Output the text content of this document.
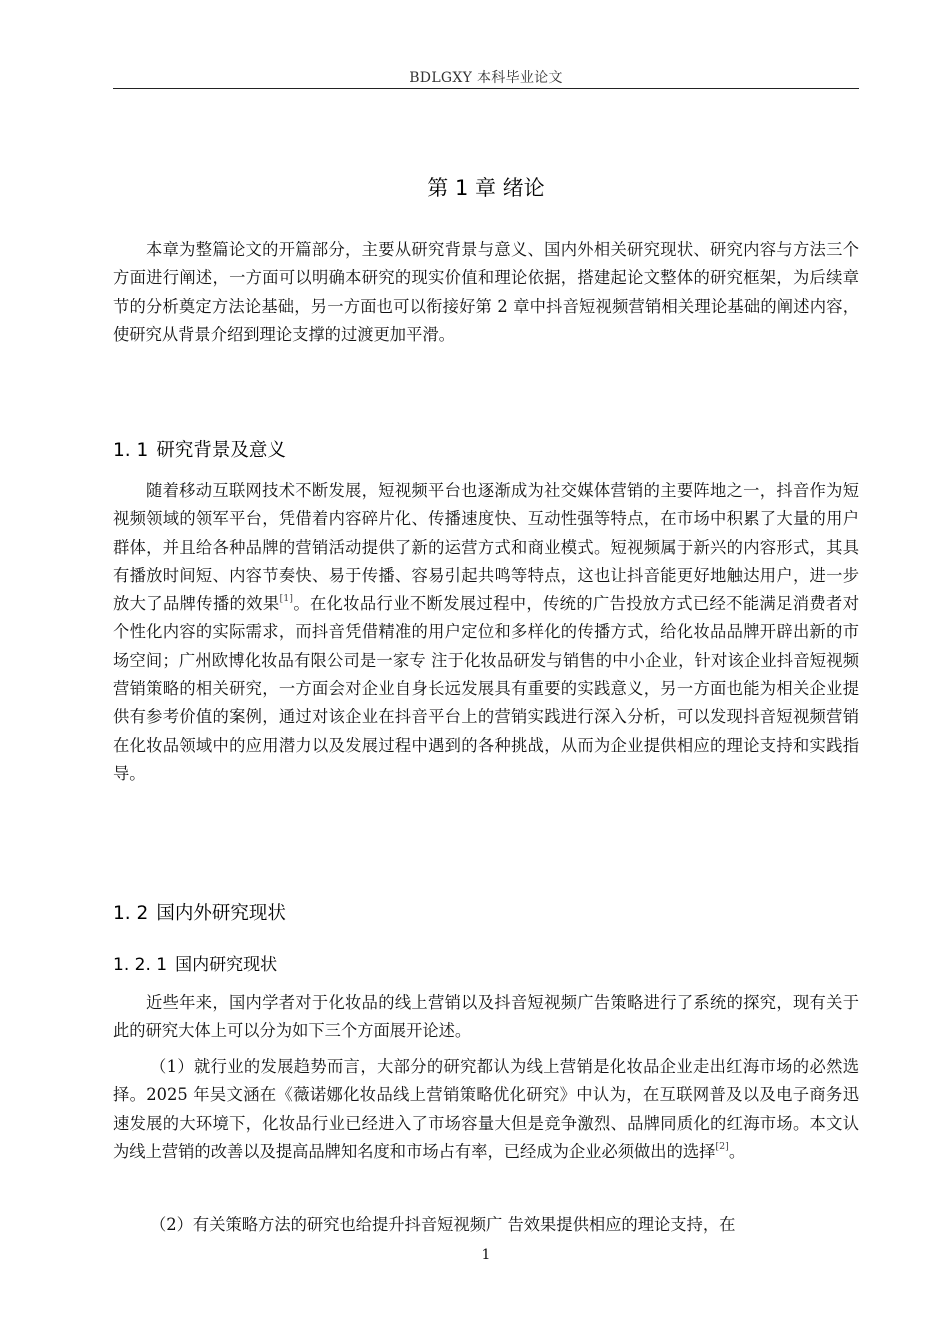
BDLGXY 本科毕业论文
第 1 章 绪论

本章为整篇论文的开篇部分，主要从研究背景与意义、国内外相关研究现状、研究内容与方法三个方面进行阐述，一方面可以明确本研究的现实价值和理论依据，搭建起论文整体的研究框架，为后续章节的分析奠定方法论基础，另一方面也可以衔接好第 2 章中抖音短视频营销相关理论基础的阐述内容，使研究从背景介绍到理论支撑的过渡更加平滑。

1. 1 研究背景及意义

随着移动互联网技术不断发展，短视频平台也逐渐成为社交媒体营销的主要阵地之一，抖音作为短视频领域的领军平台，凭借着内容碎片化、传播速度快、互动性强等特点，在市场中积累了大量的用户群体，并且给各种品牌的营销活动提供了新的运营方式和商业模式。短视频属于新兴的内容形式，其具有播放时间短、内容节奏快、易于传播、容易引起共鸣等特点，这也让抖音能更好地触达用户，进一步放大了品牌传播的效果[1]。在化妆品行业不断发展过程中，传统的广告投放方式已经不能满足消费者对个性化内容的实际需求，而抖音凭借精准的用户定位和多样化的传播方式，给化妆品品牌开辟出新的市场空间；广州欧博化妆品有限公司是一家专 注于化妆品研发与销售的中小企业，针对该企业抖音短视频营销策略的相关研究，一方面会对企业自身长远发展具有重要的实践意义，另一方面也能为相关企业提供有参考价值的案例，通过对该企业在抖音平台上的营销实践进行深入分析，可以发现抖音短视频营销在化妆品领域中的应用潜力以及发展过程中遇到的各种挑战，从而为企业提供相应的理论支持和实践指导。

1. 2 国内外研究现状
1. 2. 1 国内研究现状

近些年来，国内学者对于化妆品的线上营销以及抖音短视频广告策略进行了系统的探究，现有关于此的研究大体上可以分为如下三个方面展开论述。

（1）就行业的发展趋势而言，大部分的研究都认为线上营销是化妆品企业走出红海市场的必然选择。2025 年吴文涵在《薇诺娜化妆品线上营销策略优化研究》中认为，在互联网普及以及电子商务迅速发展的大环境下，化妆品行业已经进入了市场容量大但是竞争激烈、品牌同质化的红海市场。本文认为线上营销的改善以及提高品牌知名度和市场占有率，已经成为企业必须做出的选择[2]。

（2）有关策略方法的研究也给提升抖音短视频广 告效果提供相应的理论支持，在

1
